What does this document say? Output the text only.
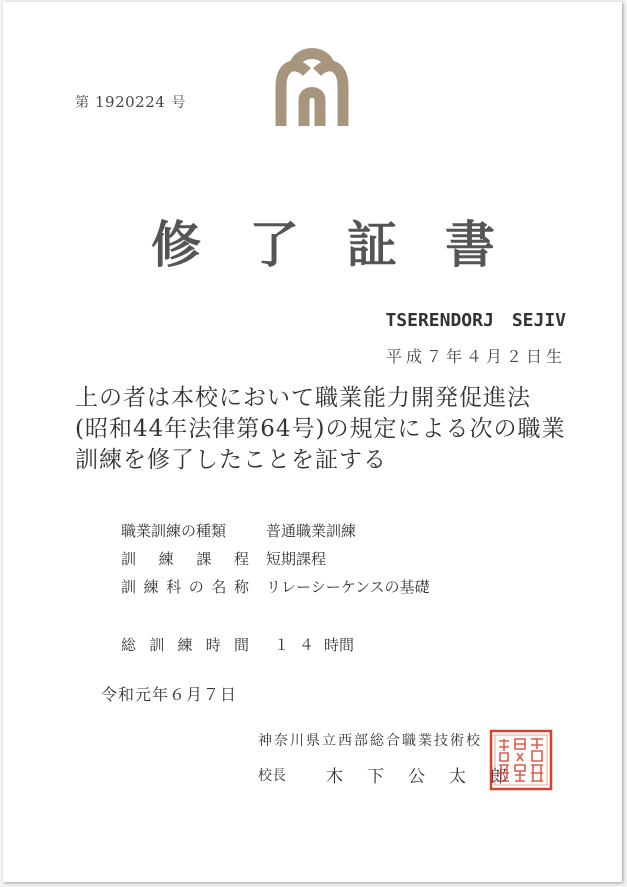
第 1920224 号
修了証書
TSERENDORJ SEJIV
平成７年４月２日生
上の者は本校において職業能力開発促進法
(昭和44年法律第64号)の規定による次の職業
訓練を修了したことを証する
職業訓練の種類	普通職業訓練
訓練課程 短期課程
訓練科の名称 リレーシーケンスの基礎
総訓練時間 １４ 時間
令和元年６月７日
神奈川県立西部総合職業技術校
校長 木下公太郎
